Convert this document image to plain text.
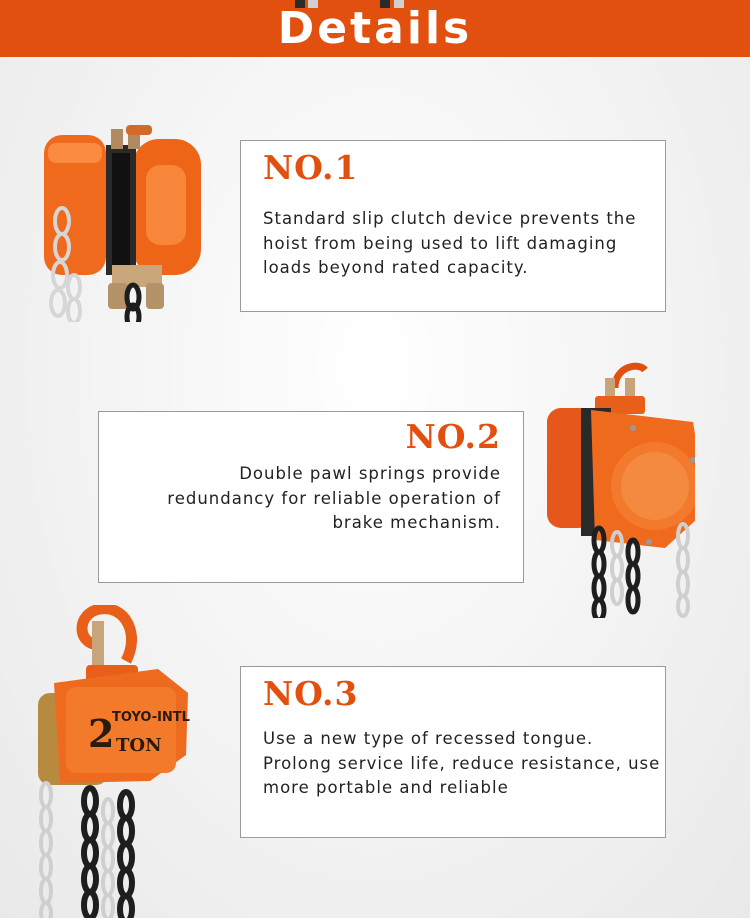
Details
NO.1
Standard slip clutch device prevents the
hoist from being used to lift damaging
loads beyond rated capacity.
NO.2
Double pawl springs provide
redundancy for reliable operation of
brake mechanism.
2
TOYO-INTL
TON
NO.3
Use a new type of recessed tongue.
Prolong service life, reduce resistance, use
more portable and reliable
